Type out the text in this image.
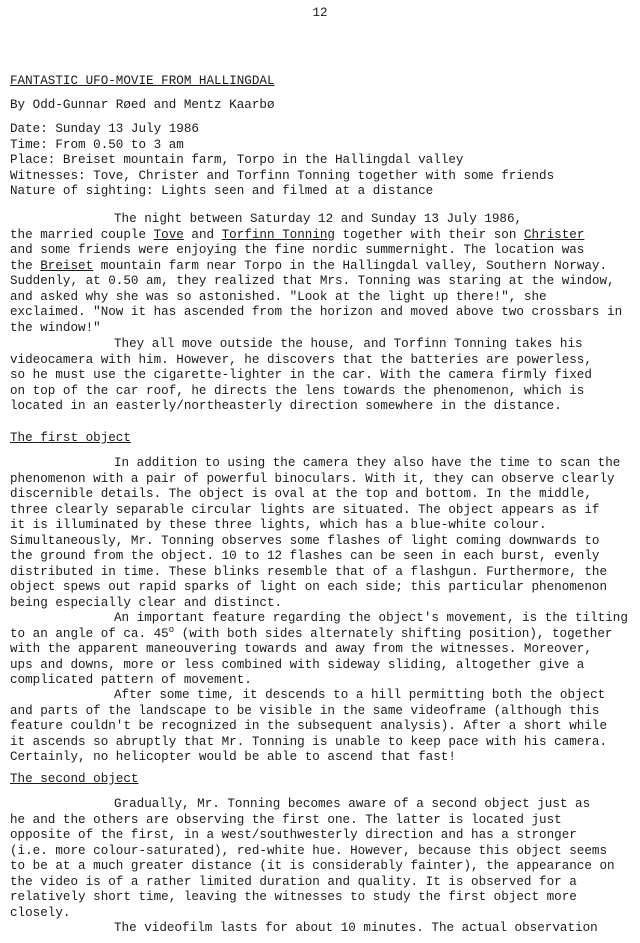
12
FANTASTIC UFO-MOVIE FROM HALLINGDAL
By Odd-Gunnar Røed and Mentz Kaarbø
Date: Sunday 13 July 1986
Time: From 0.50 to 3 am
Place: Breiset mountain farm, Torpo in the Hallingdal valley
Witnesses: Tove, Christer and Torfinn Tonning together with some friends
Nature of sighting: Lights seen and filmed at a distance
The night between Saturday 12 and Sunday 13 July 1986,
the married couple Tove and Torfinn Tonning together with their son Christer
and some friends were enjoying the fine nordic summernight. The location was
the Breiset mountain farm near Torpo in the Hallingdal valley, Southern Norway.
Suddenly, at 0.50 am, they realized that Mrs. Tonning was staring at the window,
and asked why she was so astonished. "Look at the light up there!", she
exclaimed. "Now it has ascended from the horizon and moved above two crossbars in
the window!"
They all move outside the house, and Torfinn Tonning takes his
videocamera with him. However, he discovers that the batteries are powerless,
so he must use the cigarette-lighter in the car. With the camera firmly fixed
on top of the car roof, he directs the lens towards the phenomenon, which is
located in an easterly/northeasterly direction somewhere in the distance.
The first object
In addition to using the camera they also have the time to scan the
phenomenon with a pair of powerful binoculars. With it, they can observe clearly
discernible details. The object is oval at the top and bottom. In the middle,
three clearly separable circular lights are situated. The object appears as if
it is illuminated by these three lights, which has a blue-white colour.
Simultaneously, Mr. Tonning observes some flashes of light coming downwards to
the ground from the object. 10 to 12 flashes can be seen in each burst, evenly
distributed in time. These blinks resemble that of a flashgun. Furthermore, the
object spews out rapid sparks of light on each side; this particular phenomenon
being especially clear and distinct.
An important feature regarding the object's movement, is the tilting
to an angle of ca. 45$^o$ (with both sides alternately shifting position), together
with the apparent maneouvering towards and away from the witnesses. Moreover,
ups and downs, more or less combined with sideway sliding, altogether give a
complicated pattern of movement.
After some time, it descends to a hill permitting both the object
and parts of the landscape to be visible in the same videoframe (although this
feature couldn't be recognized in the subsequent analysis). After a short while
it ascends so abruptly that Mr. Tonning is unable to keep pace with his camera.
Certainly, no helicopter would be able to ascend that fast!
The second object
Gradually, Mr. Tonning becomes aware of a second object just as
he and the others are observing the first one. The latter is located just
opposite of the first, in a west/southwesterly direction and has a stronger
(i.e. more colour-saturated), red-white hue. However, because this object seems
to be at a much greater distance (it is considerably fainter), the appearance on
the video is of a rather limited duration and quality. It is observed for a
relatively short time, leaving the witnesses to study the first object more
closely.
The videofilm lasts for about 10 minutes. The actual observation
